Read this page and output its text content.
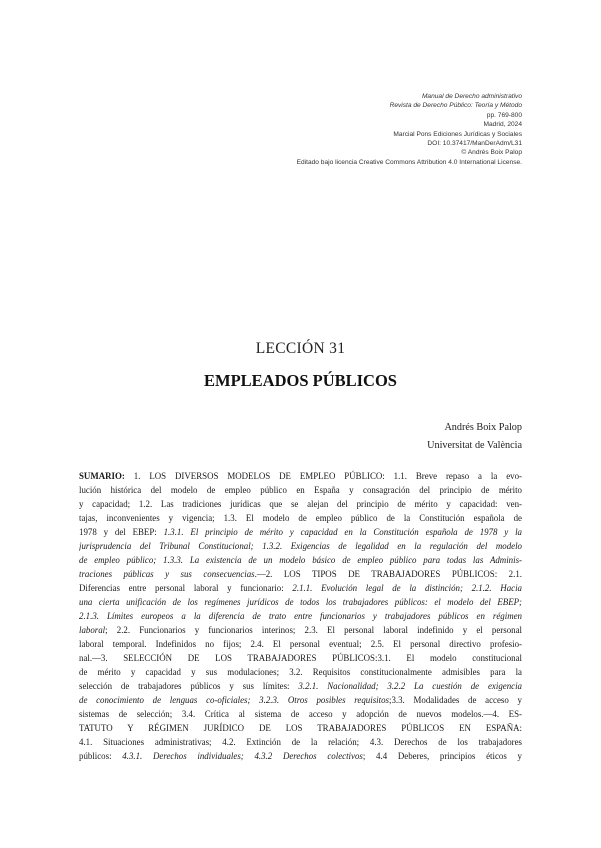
Manual de Derecho administrativo
Revista de Derecho Público: Teoría y Método
pp. 769-800
Madrid, 2024
Marcial Pons Ediciones Jurídicas y Sociales
DOI: 10.37417/ManDerAdm/L31
© Andrés Boix Palop
Editado bajo licencia Creative Commons Attribution 4.0 International License.
LECCIÓN 31
EMPLEADOS PÚBLICOS
Andrés Boix Palop
Universitat de València
SUMARIO: 1. LOS DIVERSOS MODELOS DE EMPLEO PÚBLICO: 1.1. Breve repaso a la evo-
lución histórica del modelo de empleo público en España y consagración del principio de mérito
y capacidad; 1.2. Las tradiciones jurídicas que se alejan del principio de mérito y capacidad: ven-
tajas, inconvenientes y vigencia; 1.3. El modelo de empleo público de la Constitución española de
1978 y del EBEP: 1.3.1. El principio de mérito y capacidad en la Constitución española de 1978 y la
jurisprudencia del Tribunal Constitucional; 1.3.2. Exigencias de legalidad en la regulación del modelo
de empleo público; 1.3.3. La existencia de un modelo básico de empleo público para todas las Adminis-
traciones públicas y sus consecuencias.—2. LOS TIPOS DE TRABAJADORES PÚBLICOS: 2.1.
Diferencias entre personal laboral y funcionario: 2.1.1. Evolución legal de la distinción; 2.1.2. Hacia
una cierta unificación de los regímenes jurídicos de todos los trabajadores públicos: el modelo del EBEP;
2.1.3. Límites europeos a la diferencia de trato entre funcionarios y trabajadores públicos en régimen
laboral; 2.2. Funcionarios y funcionarios interinos; 2.3. El personal laboral indefinido y el personal
laboral temporal. Indefinidos no fijos; 2.4. El personal eventual; 2.5. El personal directivo profesio-
nal.—3. SELECCIÓN DE LOS TRABAJADORES PÚBLICOS:3.1. El modelo constitucional
de mérito y capacidad y sus modulaciones; 3.2. Requisitos constitucionalmente admisibles para la
selección de trabajadores públicos y sus límites: 3.2.1. Nacionalidad; 3.2.2 La cuestión de exigencia
de conocimiento de lenguas co-oficiales; 3.2.3. Otros posibles requisitos;3.3. Modalidades de acceso y
sistemas de selección; 3.4. Crítica al sistema de acceso y adopción de nuevos modelos.—4. ES-
TATUTO Y RÉGIMEN JURÍDICO DE LOS TRABAJADORES PÚBLICOS EN ESPAÑA:
4.1. Situaciones administrativas; 4.2. Extinción de la relación; 4.3. Derechos de los trabajadores
públicos: 4.3.1. Derechos individuales; 4.3.2 Derechos colectivos; 4.4 Deberes, principios éticos y
